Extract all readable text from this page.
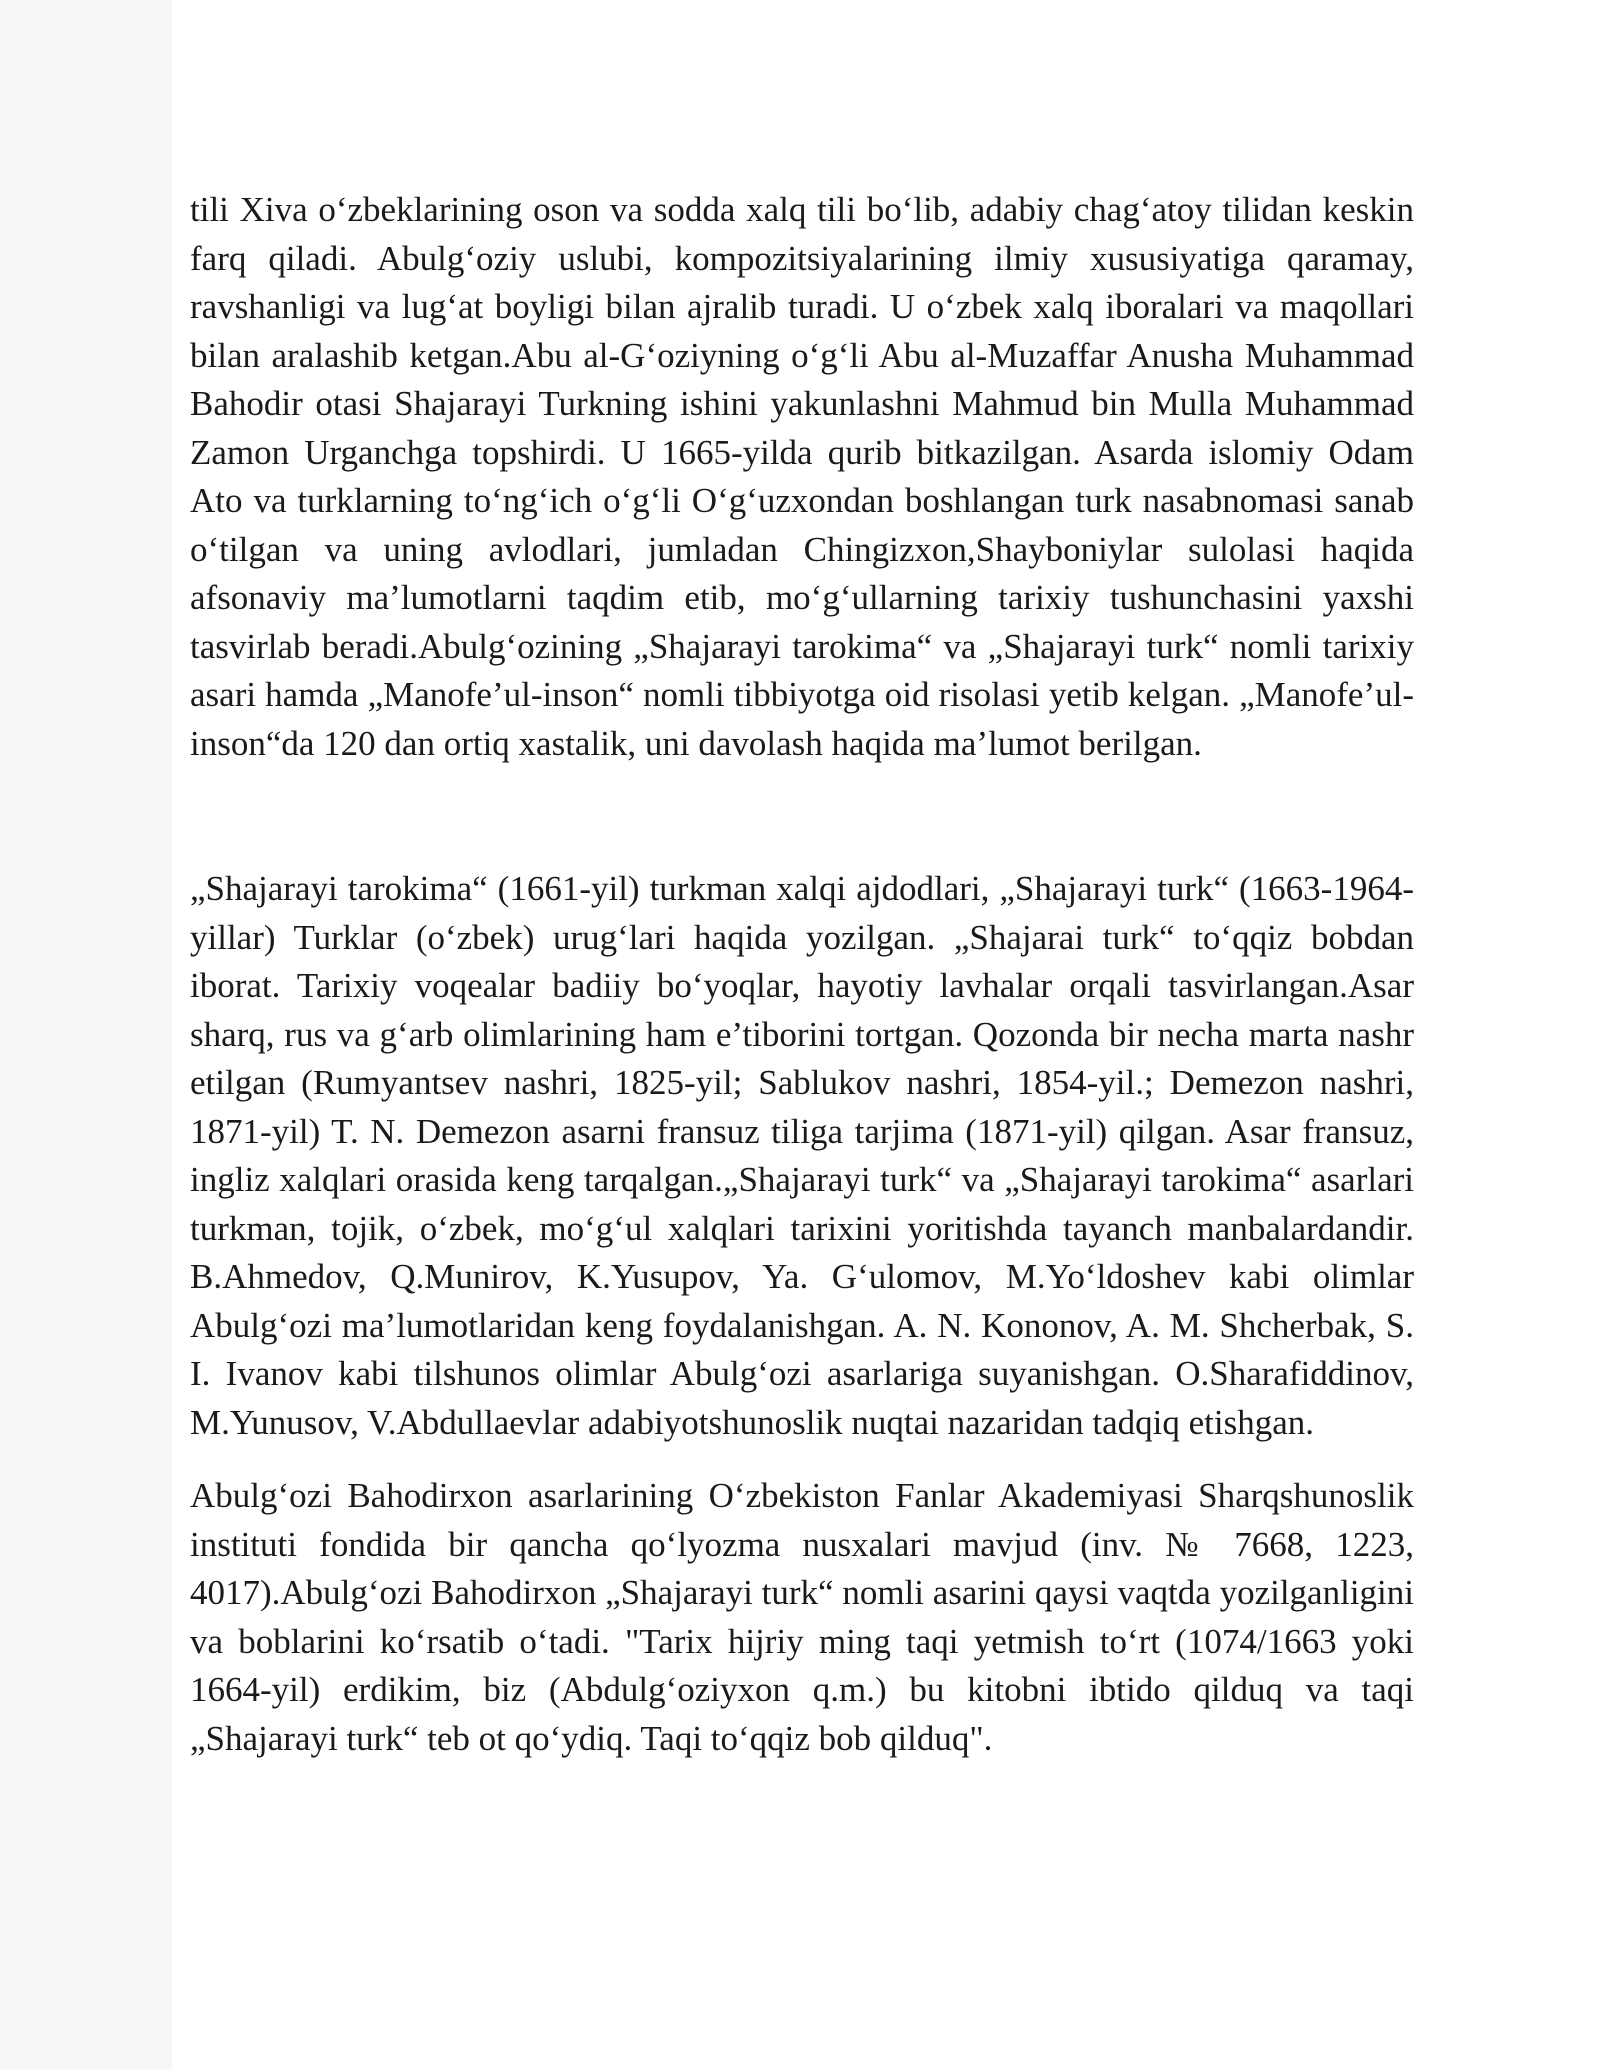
tili Xiva o‘zbeklarining oson va sodda xalq tili bo‘lib, adabiy chag‘atoy tilidan keskin farq qiladi. Abulg‘oziy uslubi, kompozitsiyalarining ilmiy xususiyatiga qaramay, ravshanligi va lug‘at boyligi bilan ajralib turadi. U o‘zbek xalq iboralari va maqollari bilan aralashib ketgan.Abu al-G‘oziyning o‘g‘li Abu al-Muzaffar Anusha Muhammad Bahodir otasi Shajarayi Turkning ishini yakunlashni Mahmud bin Mulla Muhammad Zamon Urganchga topshirdi. U 1665-yilda qurib bitkazilgan. Asarda islomiy Odam Ato va turklarning to‘ng‘ich o‘g‘li O‘g‘uzxondan boshlangan turk nasabnomasi sanab o‘tilgan va uning avlodlari, jumladan Chingizxon,Shayboniylar sulolasi haqida afsonaviy ma’lumotlarni taqdim etib, mo‘g‘ullarning tarixiy tushunchasini yaxshi tasvirlab beradi.Abulg‘ozining „Shajarayi tarokima“ va „Shajarayi turk“ nomli tarixiy asari hamda „Manofe’ul-inson“ nomli tibbiyotga oid risolasi yetib kelgan. „Manofe’ul-inson“da 120 dan ortiq xastalik, uni davolash haqida ma’lumot berilgan.

„Shajarayi tarokima“ (1661-yil) turkman xalqi ajdodlari, „Shajarayi turk“ (1663-1964-yillar) Turklar (o‘zbek) urug‘lari haqida yozilgan. „Shajarai turk“ to‘qqiz bobdan iborat. Tarixiy voqealar badiiy bo‘yoqlar, hayotiy lavhalar orqali tasvirlangan.Asar sharq, rus va g‘arb olimlarining ham e’tiborini tortgan. Qozonda bir necha marta nashr etilgan (Rumyantsev nashri, 1825-yil; Sablukov nashri, 1854-yil.; Demezon nashri, 1871-yil) T. N. Demezon asarni fransuz tiliga tarjima (1871-yil) qilgan. Asar fransuz, ingliz xalqlari orasida keng tarqalgan.„Shajarayi turk“ va „Shajarayi tarokima“ asarlari turkman, tojik, o‘zbek, mo‘g‘ul xalqlari tarixini yoritishda tayanch manbalardandir. B.Ahmedov, Q.Munirov, K.Yusupov, Ya. G‘ulomov, M.Yo‘ldoshev kabi olimlar Abulg‘ozi ma’lumotlaridan keng foydalanishgan. A. N. Kononov, A. M. Shcherbak, S. I. Ivanov kabi tilshunos olimlar Abulg‘ozi asarlariga suyanishgan. O.Sharafiddinov, M.Yunusov, V.Abdullaevlar adabiyotshunoslik nuqtai nazaridan tadqiq etishgan.

Abulg‘ozi Bahodirxon asarlarining O‘zbekiston Fanlar Akademiyasi Sharqshunoslik instituti fondida bir qancha qo‘lyozma nusxalari mavjud (inv. № 7668, 1223, 4017).Abulg‘ozi Bahodirxon „Shajarayi turk“ nomli asarini qaysi vaqtda yozilganligini va boblarini ko‘rsatib o‘tadi. "Tarix hijriy ming taqi yetmish to‘rt (1074/1663 yoki 1664-yil) erdikim, biz (Abdulg‘oziyxon q.m.) bu kitobni ibtido qilduq va taqi „Shajarayi turk“ teb ot qo‘ydiq. Taqi to‘qqiz bob qilduq".
